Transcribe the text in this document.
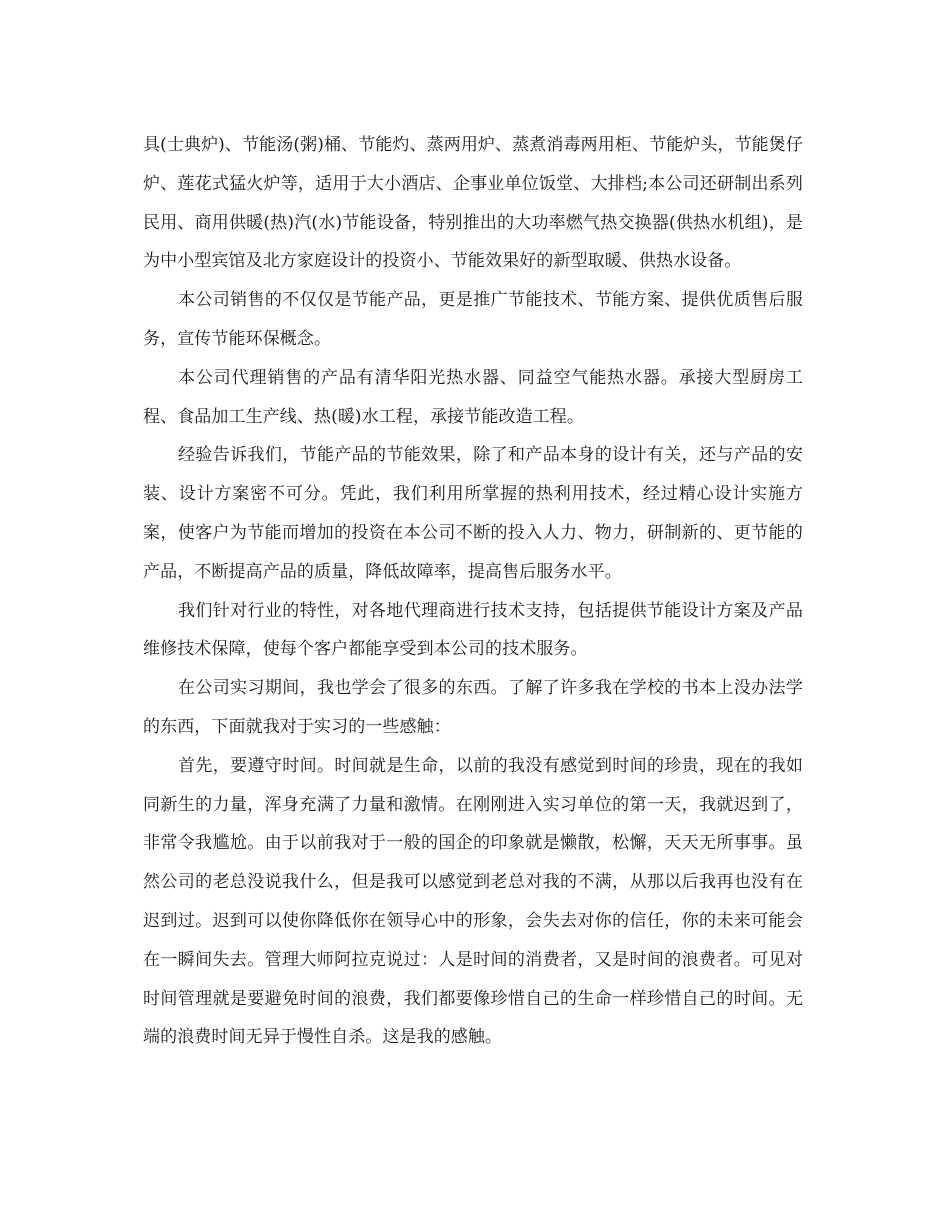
具(士典炉)、节能汤(粥)桶、节能灼、蒸两用炉、蒸煮消毒两用柜、节能炉头，节能煲仔炉、莲花式猛火炉等，适用于大小酒店、企事业单位饭堂、大排档;本公司还研制出系列民用、商用供暖(热)汽(水)节能设备，特别推出的大功率燃气热交换器(供热水机组)，是为中小型宾馆及北方家庭设计的投资小、节能效果好的新型取暖、供热水设备。

本公司销售的不仅仅是节能产品，更是推广节能技术、节能方案、提供优质售后服务，宣传节能环保概念。

本公司代理销售的产品有清华阳光热水器、同益空气能热水器。承接大型厨房工程、食品加工生产线、热(暖)水工程，承接节能改造工程。

经验告诉我们，节能产品的节能效果，除了和产品本身的设计有关，还与产品的安装、设计方案密不可分。凭此，我们利用所掌握的热利用技术，经过精心设计实施方案，使客户为节能而增加的投资在本公司不断的投入人力、物力，研制新的、更节能的产品，不断提高产品的质量，降低故障率，提高售后服务水平。

我们针对行业的特性，对各地代理商进行技术支持，包括提供节能设计方案及产品维修技术保障，使每个客户都能享受到本公司的技术服务。

在公司实习期间，我也学会了很多的东西。了解了许多我在学校的书本上没办法学的东西，下面就我对于实习的一些感触：

首先，要遵守时间。时间就是生命，以前的我没有感觉到时间的珍贵，现在的我如同新生的力量，浑身充满了力量和激情。在刚刚进入实习单位的第一天，我就迟到了，非常令我尴尬。由于以前我对于一般的国企的印象就是懒散，松懈，天天无所事事。虽然公司的老总没说我什么，但是我可以感觉到老总对我的不满，从那以后我再也没有在迟到过。迟到可以使你降低你在领导心中的形象，会失去对你的信任，你的未来可能会在一瞬间失去。管理大师阿拉克说过：人是时间的消费者，又是时间的浪费者。可见对时间管理就是要避免时间的浪费，我们都要像珍惜自己的生命一样珍惜自己的时间。无端的浪费时间无异于慢性自杀。这是我的感触。
